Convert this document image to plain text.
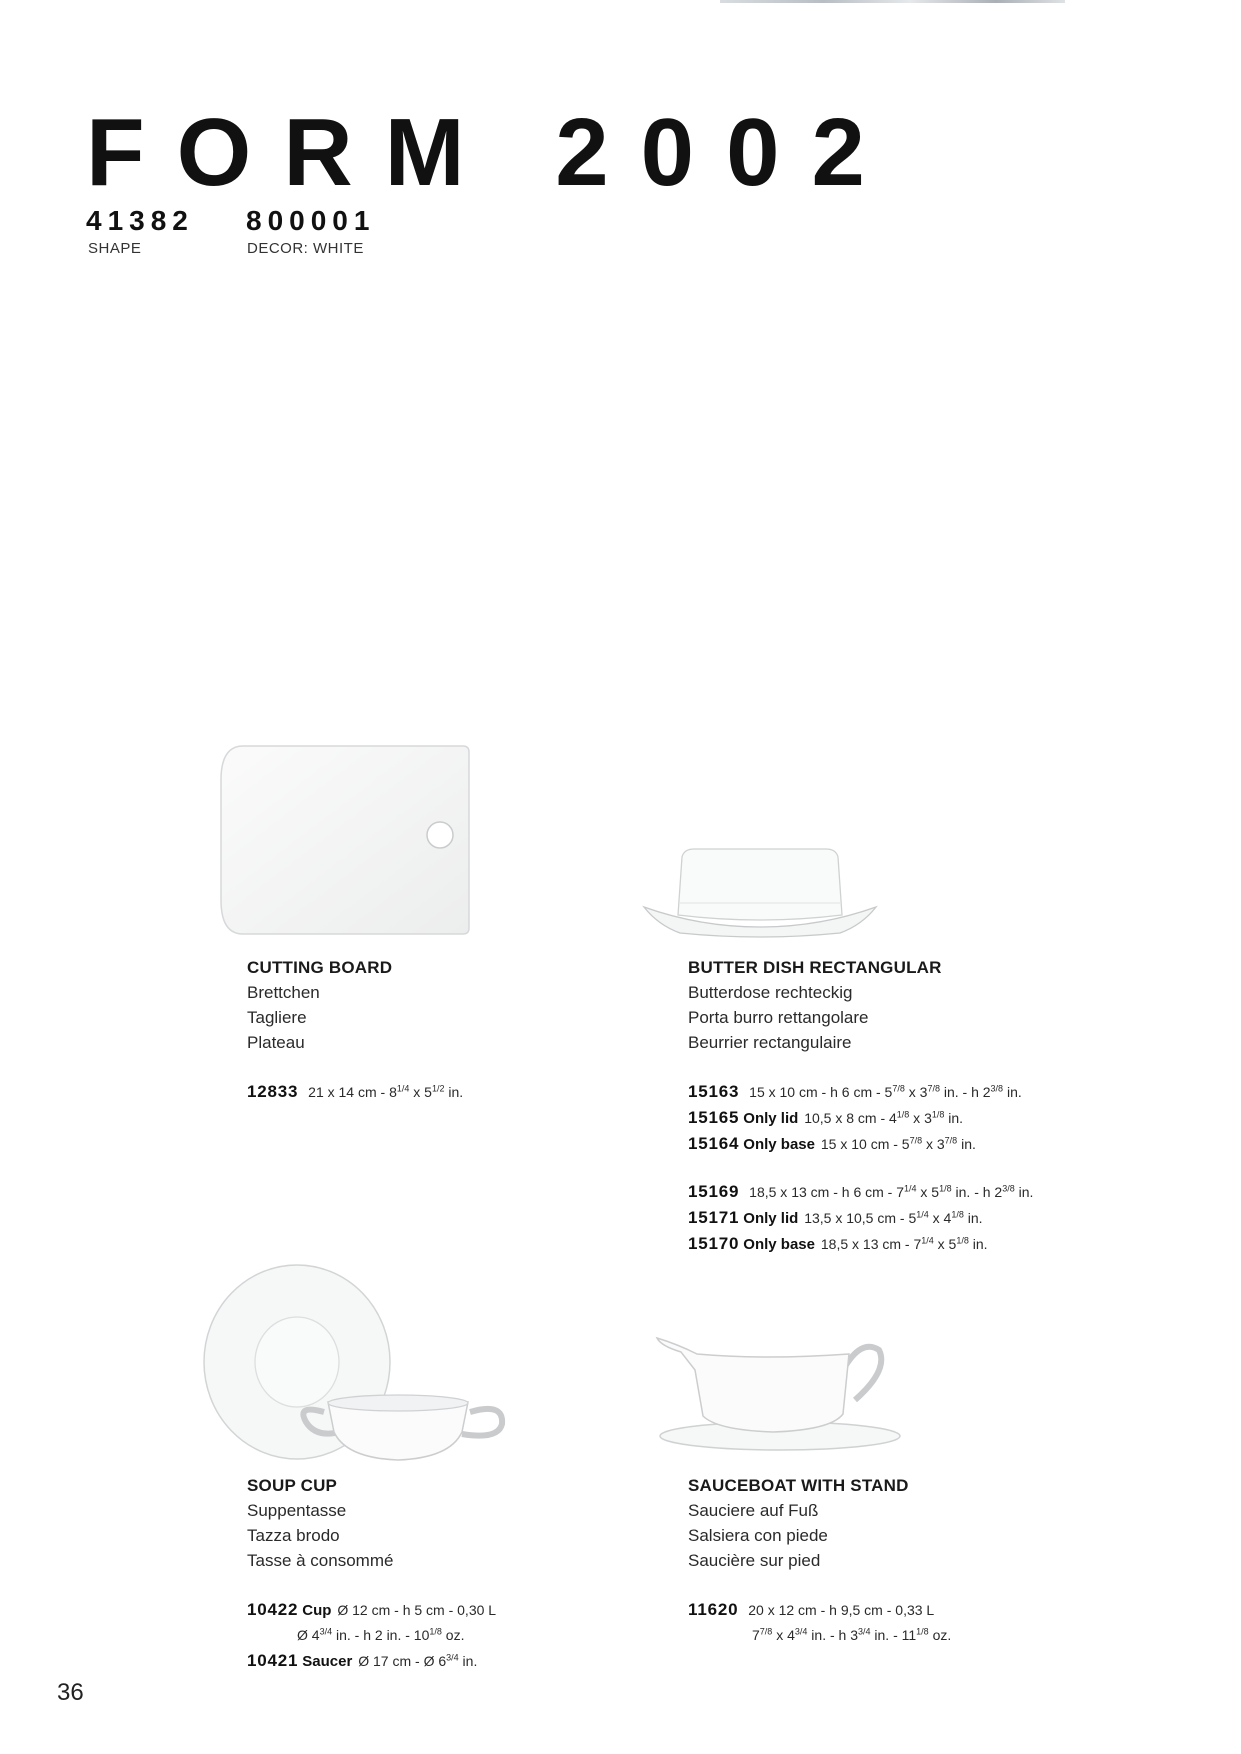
FORM 2002
41382
SHAPE
800001
DECOR: WHITE
CUTTING BOARD
Brettchen
Tagliere
Plateau
12833 21 x 14 cm - $8^{1/4}$ x $5^{1/2}$ in.
BUTTER DISH RECTANGULAR
Butterdose rechteckig
Porta burro rettangolare
Beurrier rectangulaire
15163 15 x 10 cm - h 6 cm - $5^{7/8}$ x $3^{7/8}$ in. - h $2^{3/8}$ in.
15165 Only lid 10,5 x 8 cm - $4^{1/8}$ x $3^{1/8}$ in.
15164 Only base 15 x 10 cm - $5^{7/8}$ x $3^{7/8}$ in.
15169 18,5 x 13 cm - h 6 cm - $7^{1/4}$ x $5^{1/8}$ in. - h $2^{3/8}$ in.
15171 Only lid 13,5 x 10,5 cm - $5^{1/4}$ x $4^{1/8}$ in.
15170 Only base 18,5 x 13 cm - $7^{1/4}$ x $5^{1/8}$ in.
SOUP CUP
Suppentasse
Tazza brodo
Tasse à consommé
10422 Cup Ø 12 cm - h 5 cm - 0,30 L
Ø $4^{3/4}$ in. - h 2 in. - $10^{1/8}$ oz.
10421 Saucer Ø 17 cm - Ø $6^{3/4}$ in.
SAUCEBOAT WITH STAND
Sauciere auf Fuß
Salsiera con piede
Saucière sur pied
11620 20 x 12 cm - h 9,5 cm - 0,33 L
$7^{7/8}$ x $4^{3/4}$ in. - h $3^{3/4}$ in. - $11^{1/8}$ oz.
36
